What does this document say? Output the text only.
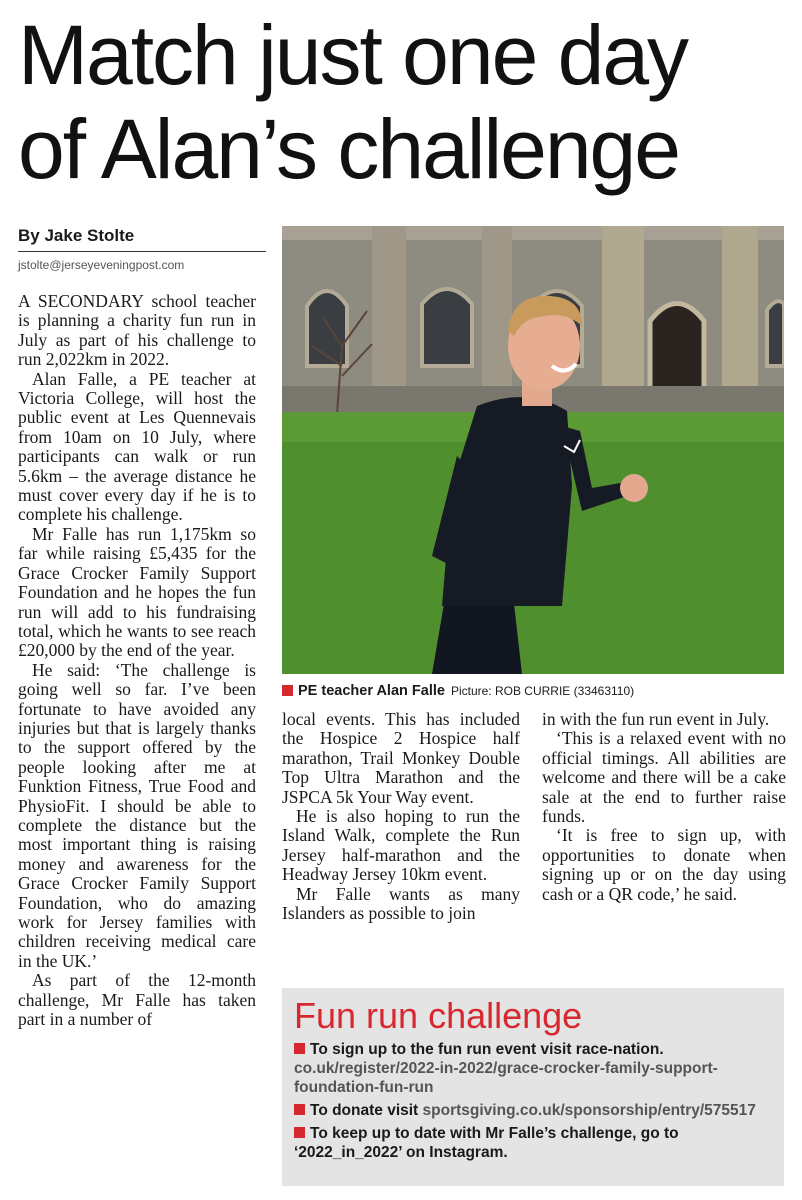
Match just one day
of Alan’s challenge
By Jake Stolte
jstolte@jerseyeveningpost.com

A SECONDARY school teacher is planning a charity fun run in July as part of his challenge to run 2,022km in 2022.

Alan Falle, a PE teacher at Victoria College, will host the public event at Les Quennevais from 10am on 10 July, where participants can walk or run 5.6km – the average distance he must cover every day if he is to complete his challenge.

Mr Falle has run 1,175km so far while raising £5,435 for the Grace Crocker Family Support Foundation and he hopes the fun run will add to his fundraising total, which he wants to see reach £20,000 by the end of the year.

He said: ‘The challenge is going well so far. I’ve been fortunate to have avoided any injuries but that is largely thanks to the support offered by the people looking after me at Funktion Fitness, True Food and PhysioFit. I should be able to complete the distance but the most important thing is raising money and awareness for the Grace Crocker Family Support Foundation, who do amazing work for Jersey families with children receiving medical care in the UK.’

As part of the 12-month challenge, Mr Falle has taken part in a number of

PE teacher Alan Falle Picture: ROB CURRIE (33463110)

local events. This has included the Hospice 2 Hospice half marathon, Trail Monkey Double Top Ultra Marathon and the JSPCA 5k Your Way event.

He is also hoping to run the Island Walk, complete the Run Jersey half-marathon and the Headway Jersey 10km event.

Mr Falle wants as many Islanders as possible to join

in with the fun run event in July.

‘This is a relaxed event with no official timings. All abilities are welcome and there will be a cake sale at the end to further raise funds.

‘It is free to sign up, with opportunities to donate when signing up or on the day using cash or a QR code,’ he said.

Fun run challenge
To sign up to the fun run event visit race-nation. co.uk/register/2022-in-2022/grace-crocker-family-support-foundation-fun-run
To donate visit sportsgiving.co.uk/sponsorship/entry/575517
To keep up to date with Mr Falle’s challenge, go to ‘2022_in_2022’ on Instagram.
